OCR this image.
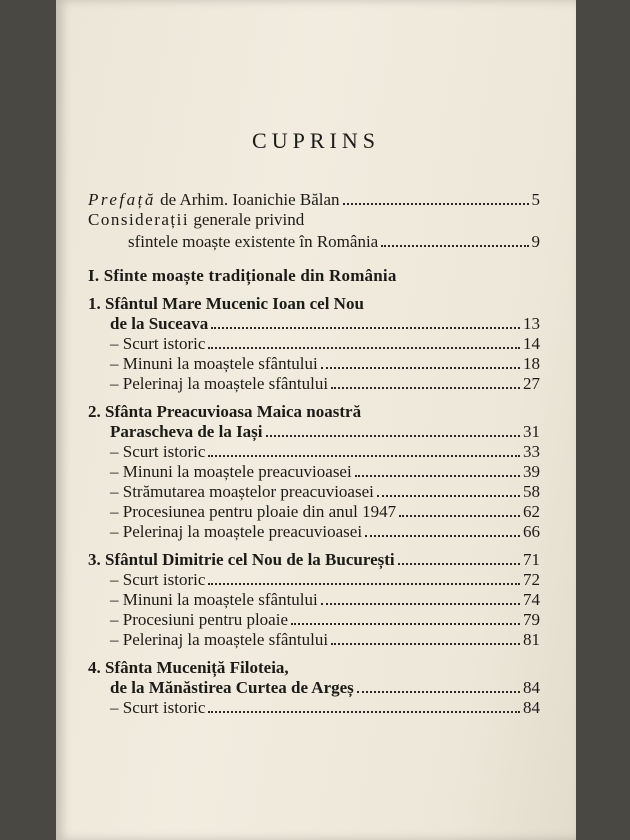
CUPRINS
Prefață de Arhim. Ioanichie Bălan	5
Considerații generale privind
sfintele moaște existente în România	9
I. Sfinte moaște tradiționale din România
1. Sfântul Mare Mucenic Ioan cel Nou
de la Suceava	13
– Scurt istoric	14
– Minuni la moaștele sfântului	18
– Pelerinaj la moaștele sfântului	27
2. Sfânta Preacuvioasa Maica noastră
Parascheva de la Iași	31
– Scurt istoric	33
– Minuni la moaștele preacuvioasei	39
– Strămutarea moaștelor preacuvioasei	58
– Procesiunea pentru ploaie din anul 1947	62
– Pelerinaj la moaștele preacuvioasei	66
3. Sfântul Dimitrie cel Nou de la București	71
– Scurt istoric	72
– Minuni la moaștele sfântului	74
– Procesiuni pentru ploaie	79
– Pelerinaj la moaștele sfântului	81
4. Sfânta Muceniță Filoteia,
de la Mănăstirea Curtea de Argeș	84
– Scurt istoric	84
